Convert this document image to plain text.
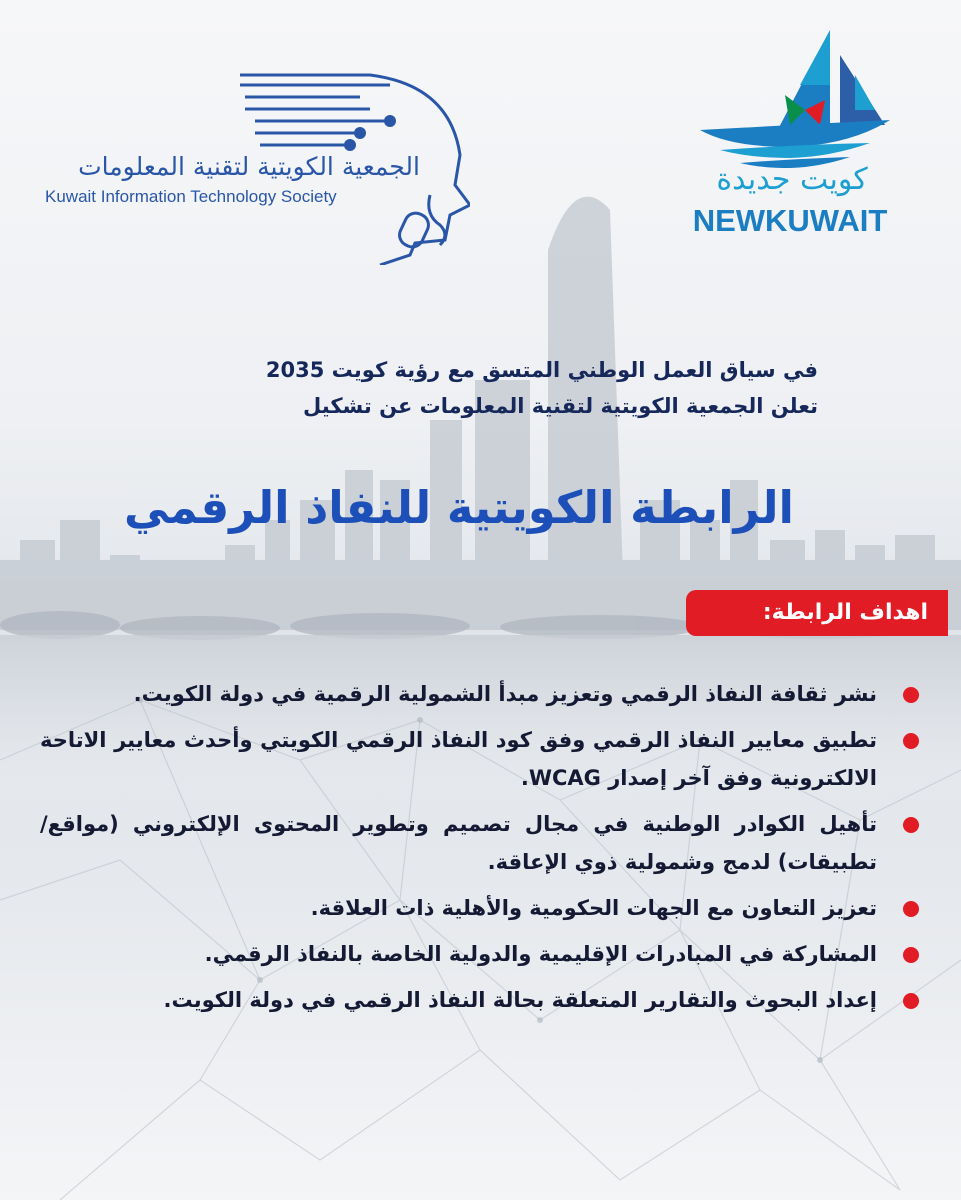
الجمعية الكويتية لتقنية المعلومات
Kuwait Information Technology Society	كويت جديدة
NEWKUWAIT
في سياق العمل الوطني المتسق مع رؤية كويت 2035
تعلن الجمعية الكويتية لتقنية المعلومات عن تشكيل
الرابطة الكويتية للنفاذ الرقمي
اهداف الرابطة:
نشر ثقافة النفاذ الرقمي وتعزيز مبدأ الشمولية الرقمية في دولة الكويت.
تطبيق معايير النفاذ الرقمي وفق كود النفاذ الرقمي الكويتي وأحدث معايير الاتاحة الالكترونية وفق آخر إصدار WCAG.
تأهيل الكوادر الوطنية في مجال تصميم وتطوير المحتوى الإلكتروني (مواقع/تطبيقات) لدمج وشمولية ذوي الإعاقة.
تعزيز التعاون مع الجهات الحكومية والأهلية ذات العلاقة.
المشاركة في المبادرات الإقليمية والدولية الخاصة بالنفاذ الرقمي.
إعداد البحوث والتقارير المتعلقة بحالة النفاذ الرقمي في دولة الكويت.
